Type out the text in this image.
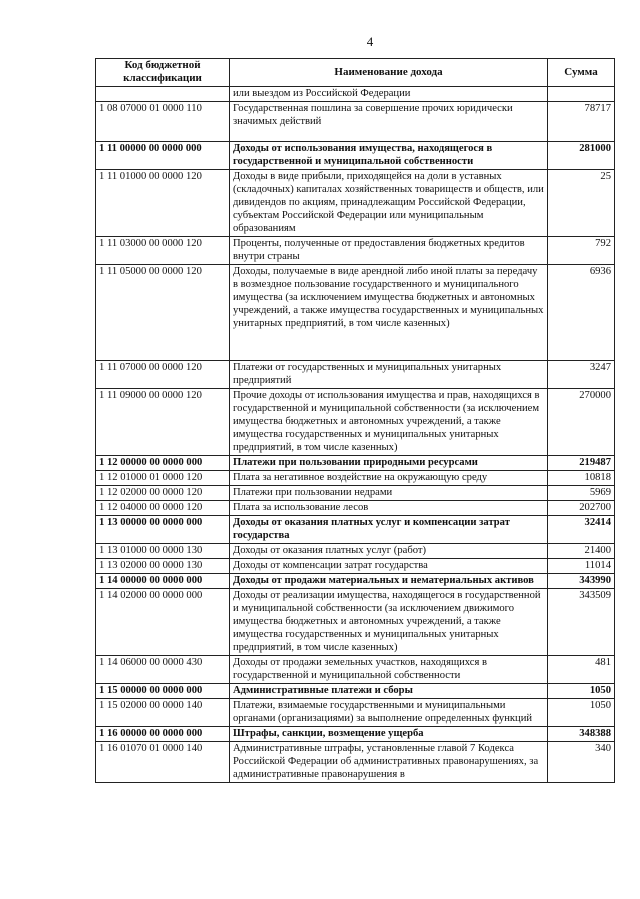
4
Код бюджетной классификации	Наименование дохода	Сумма
	или выездом из Российской Федерации	
1 08 07000 01 0000 110	Государственная пошлина за совершение прочих юридически значимых действий	78717
1 11 00000 00 0000 000	Доходы от использования имущества, находящегося в государственной и муниципальной собственности	281000
1 11 01000 00 0000 120	Доходы в виде прибыли, приходящейся на доли в уставных (складочных) капиталах хозяйственных товариществ и обществ, или дивидендов по акциям, принадлежащим Российской Федерации, субъектам Российской Федерации или муниципальным образованиям	25
1 11 03000 00 0000 120	Проценты, полученные от предоставления бюджетных кредитов внутри страны	792
1 11 05000 00 0000 120	Доходы, получаемые в виде арендной либо иной платы за передачу в возмездное пользование государственного и муниципального имущества (за исключением имущества бюджетных и автономных учреждений, а также имущества государственных и муниципальных унитарных предприятий, в том числе казенных)	6936
1 11 07000 00 0000 120	Платежи от государственных и муниципальных унитарных предприятий	3247
1 11 09000 00 0000 120	Прочие доходы от использования имущества и прав, находящихся в государственной и муниципальной собственности (за исключением имущества бюджетных и автономных учреждений, а также имущества государственных и муниципальных унитарных предприятий, в том числе казенных)	270000
1 12 00000 00 0000 000	Платежи при пользовании природными ресурсами	219487
1 12 01000 01 0000 120	Плата за негативное воздействие на окружающую среду	10818
1 12 02000 00 0000 120	Платежи при пользовании недрами	5969
1 12 04000 00 0000 120	Плата за использование лесов	202700
1 13 00000 00 0000 000	Доходы от оказания платных услуг и компенсации затрат государства	32414
1 13 01000 00 0000 130	Доходы от оказания платных услуг (работ)	21400
1 13 02000 00 0000 130	Доходы от компенсации затрат государства	11014
1 14 00000 00 0000 000	Доходы от продажи материальных и нематериальных активов	343990
1 14 02000 00 0000 000	Доходы от реализации имущества, находящегося в государственной и муниципальной собственности (за исключением движимого имущества бюджетных и автономных учреждений, а также имущества государственных и муниципальных унитарных предприятий, в том числе казенных)	343509
1 14 06000 00 0000 430	Доходы от продажи земельных участков, находящихся в государственной и муниципальной собственности	481
1 15 00000 00 0000 000	Административные платежи и сборы	1050
1 15 02000 00 0000 140	Платежи, взимаемые государственными и муниципальными органами (организациями) за выполнение определенных функций	1050
1 16 00000 00 0000 000	Штрафы, санкции, возмещение ущерба	348388
1 16 01070 01 0000 140	Административные штрафы, установленные главой 7 Кодекса Российской Федерации об административных правонарушениях, за административные правонарушения в	340
